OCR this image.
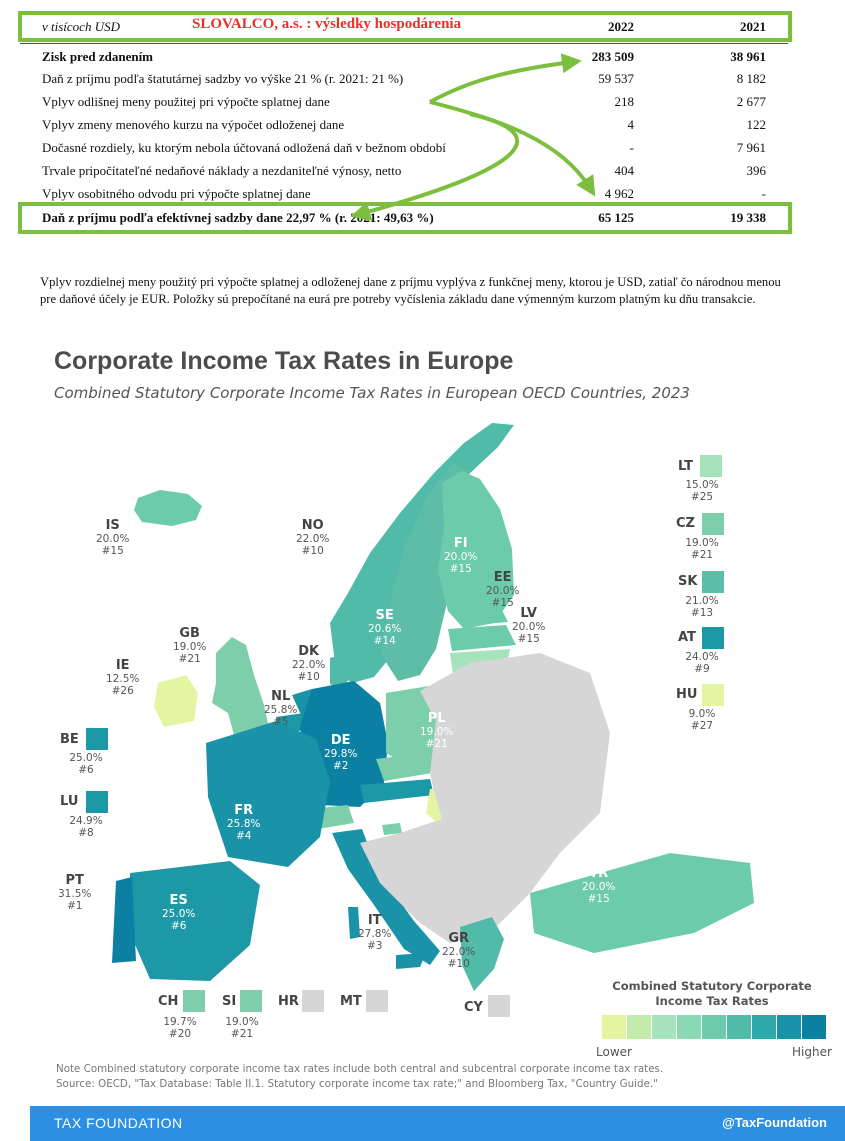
v tisícoch USD	SLOVALCO, a.s. : výsledky hospodárenia	2022	2021
Zisk pred zdanením	283 509	38 961
Daň z príjmu podľa štatutárnej sadzby vo výške 21 % (r. 2021: 21 %)	59 537	8 182
Vplyv odlišnej meny použitej pri výpočte splatnej dane	218	2 677
Vplyv zmeny menového kurzu na výpočet odloženej dane	4	122
Dočasné rozdiely, ku ktorým nebola účtovaná odložená daň v bežnom období	-	7 961
Trvale pripočítateľné nedaňové náklady a nezdaniteľné výnosy, netto	404	396
Vplyv osobitného odvodu pri výpočte splatnej dane	4 962	-
Daň z príjmu podľa efektívnej sadzby dane 22,97 % (r. 2021: 49,63 %)	65 125	19 338
Vplyv rozdielnej meny použitý pri výpočte splatnej a odloženej dane z príjmu vyplýva z funkčnej meny, ktorou je USD, zatiaľ čo národnou menou pre daňové účely je EUR. Položky sú prepočítané na eurá pre potreby vyčíslenia základu dane výmenným kurzom platným ku dňu transakcie.
Corporate Income Tax Rates in Europe
Combined Statutory Corporate Income Tax Rates in European OECD Countries, 2023
IS
20.0%
#15
NO
22.0%
#10	FI
20.0%
#15
SE
20.6%
#14
EE
20.0%
#15
LV
20.0%
#15
GB
19.0%
#21	DK
22.0%
#10
IE
12.5%
#26	NL
25.8%
#5
DE
29.8%
#2
PL
19.0%
#21
FR
25.8%
#4
PT
31.5%
#1	ES
25.0%
#6	IT
27.8%
#3	GR
22.0%
#10
TR
20.0%
#15
LT
15.0%
#25
CZ
19.0%
#21
SK
21.0%
#13
AT
24.0%
#9
HU
9.0%
#27
BE
25.0%
#6
LU
24.9%
#8
CH
19.7%
#20
SI
19.0%
#21
HR	MT	CY
Combined Statutory Corporate Income Tax Rates
Lower	Higher
Note Combined statutory corporate income tax rates include both central and subcentral corporate income tax rates.
Source: OECD, "Tax Database: Table II.1. Statutory corporate income tax rate;" and Bloomberg Tax, "Country Guide."
TAX FOUNDATION	@TaxFoundation
